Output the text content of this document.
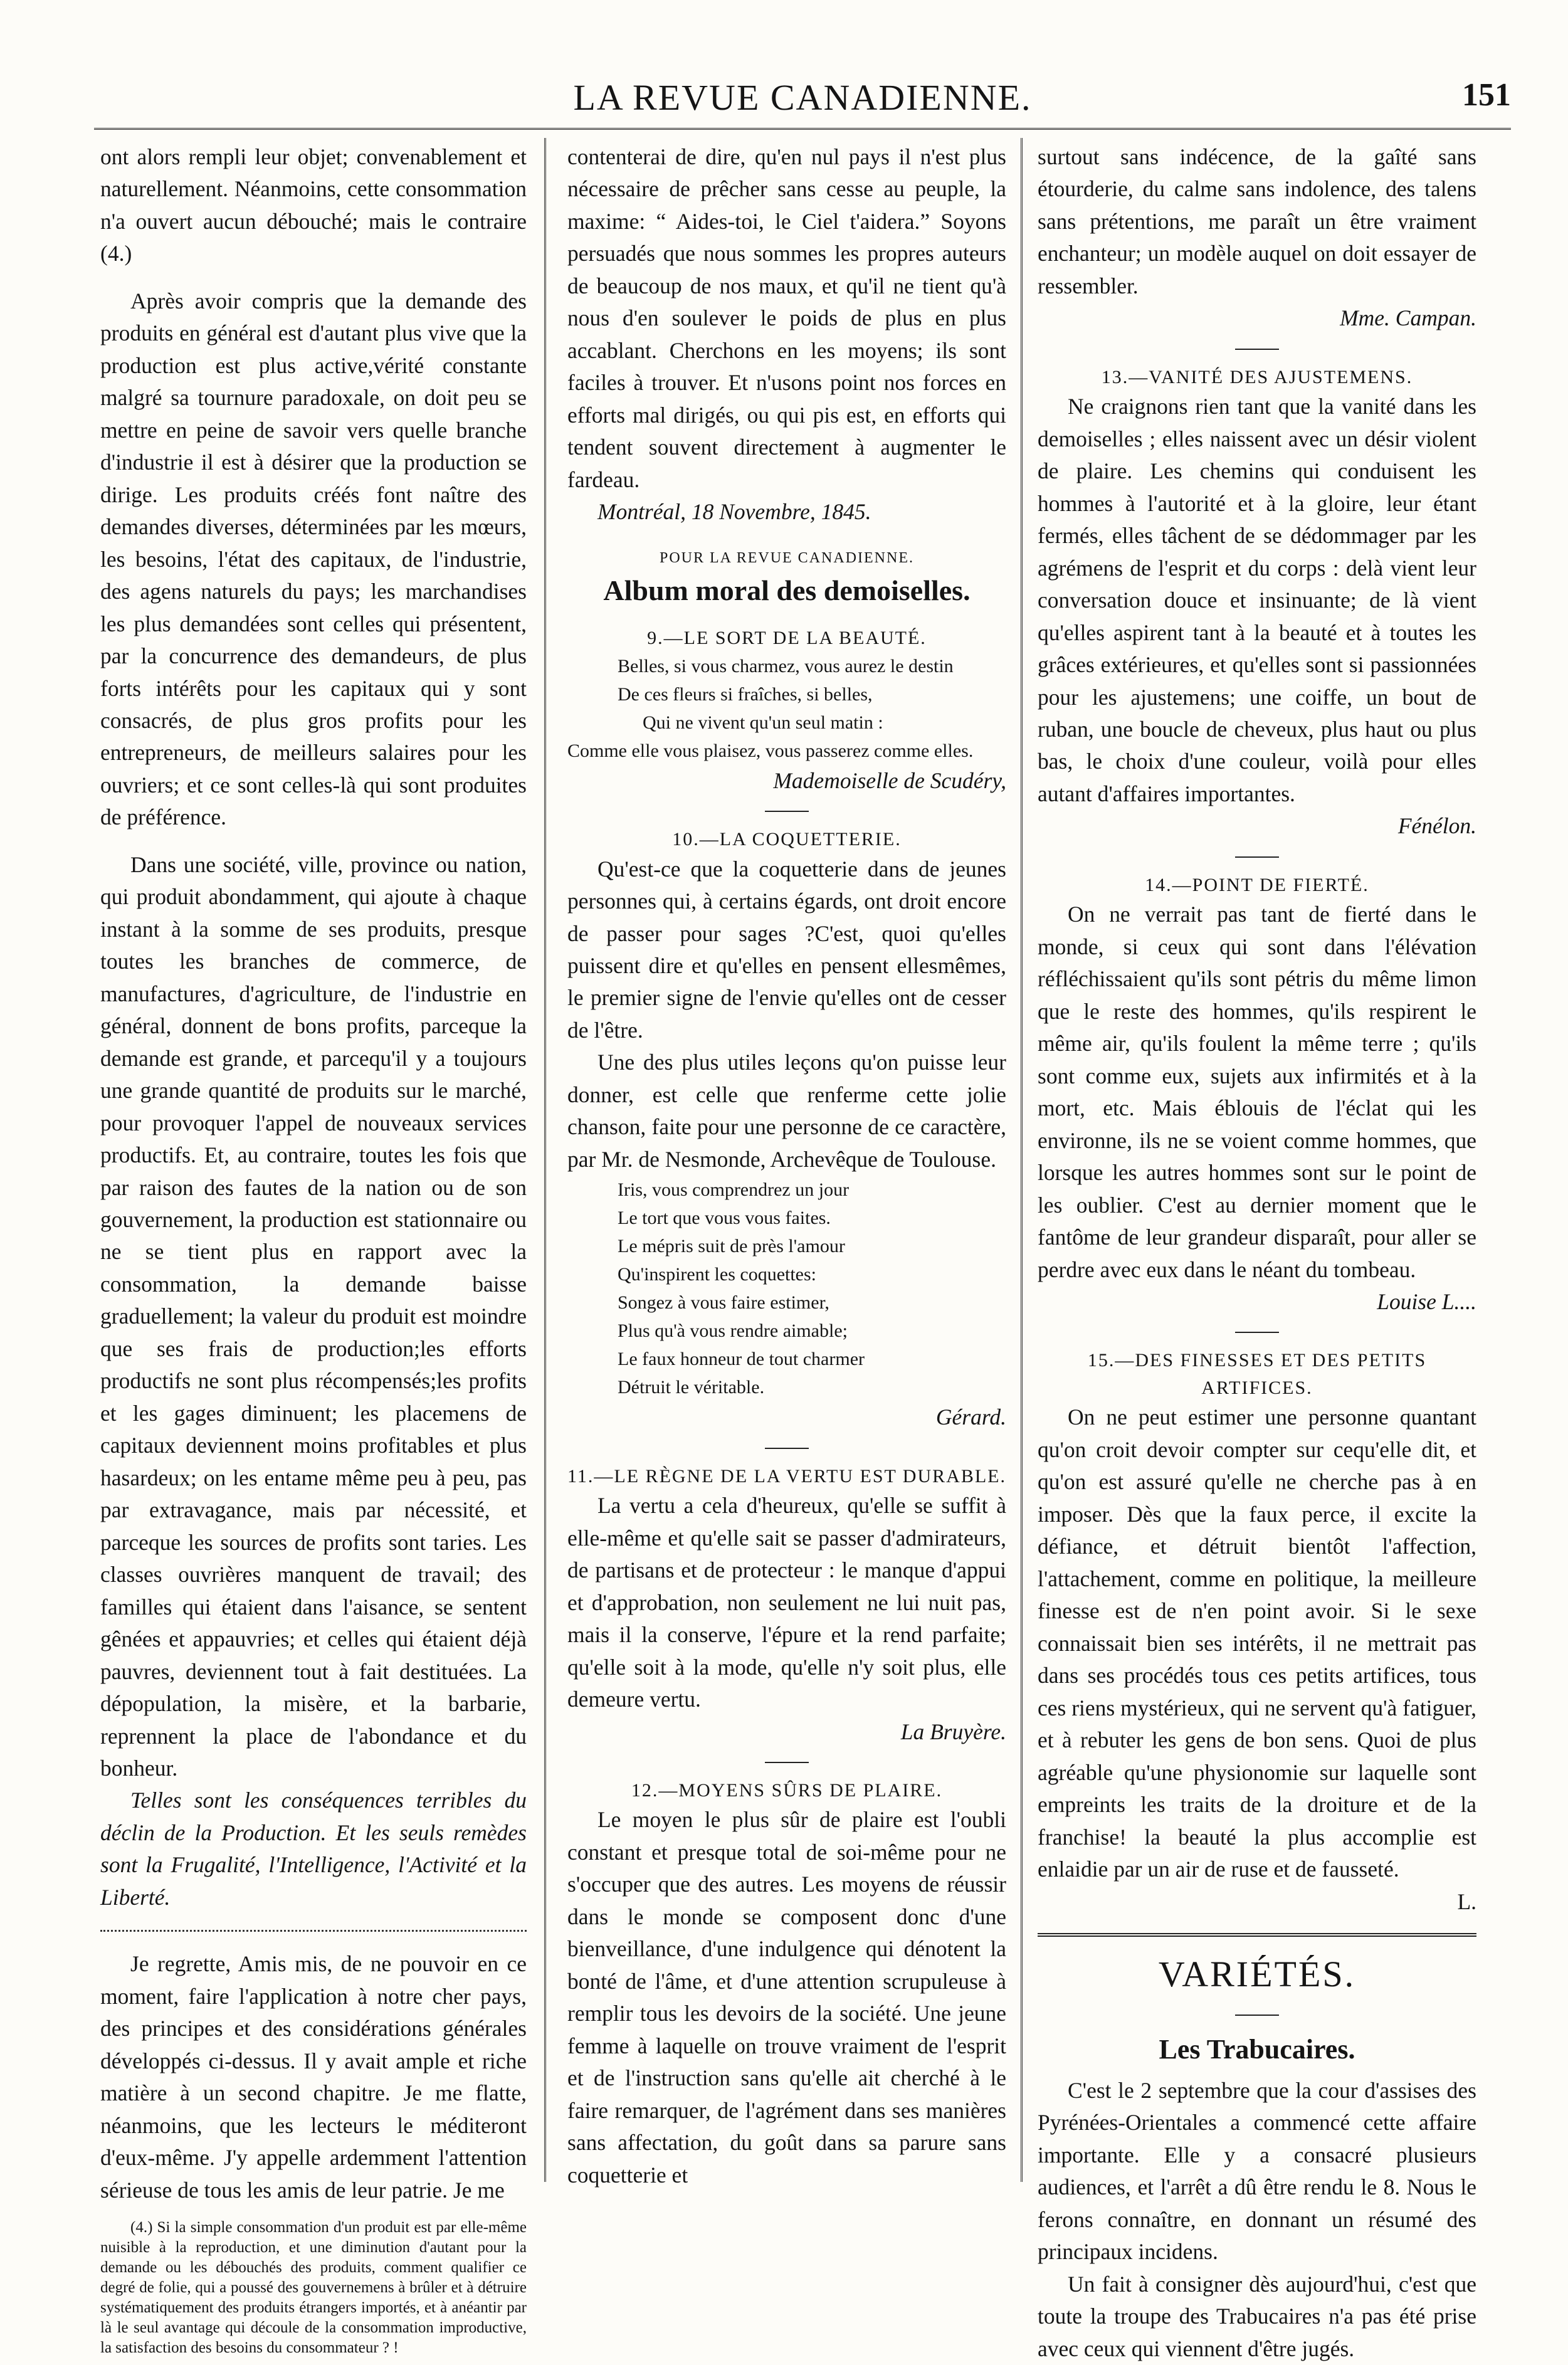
LA REVUE CANADIENNE.	151

ont alors rempli leur objet; convenablement et naturellement. Néanmoins, cette consommation n'a ouvert aucun débouché; mais le contraire (4.)

Après avoir compris que la demande des produits en général est d'autant plus vive que la production est plus active,vérité constante malgré sa tournure paradoxale, on doit peu se mettre en peine de savoir vers quelle branche d'industrie il est à désirer que la production se dirige. Les produits créés font naître des demandes diverses, déterminées par les mœurs, les besoins, l'état des capitaux, de l'industrie, des agens naturels du pays; les marchandises les plus demandées sont celles qui présentent, par la concurrence des demandeurs, de plus forts intérêts pour les capitaux qui y sont consacrés, de plus gros profits pour les entrepreneurs, de meilleurs salaires pour les ouvriers; et ce sont celles-là qui sont produites de préférence.

Dans une société, ville, province ou nation, qui produit abondamment, qui ajoute à chaque instant à la somme de ses produits, presque toutes les branches de commerce, de manufactures, d'agriculture, de l'industrie en général, donnent de bons profits, parceque la demande est grande, et parcequ'il y a toujours une grande quantité de produits sur le marché, pour provoquer l'appel de nouveaux services productifs. Et, au contraire, toutes les fois que par raison des fautes de la nation ou de son gouvernement, la production est stationnaire ou ne se tient plus en rapport avec la consommation, la demande baisse graduellement; la valeur du produit est moindre que ses frais de production;les efforts productifs ne sont plus récompensés;les profits et les gages diminuent; les placemens de capitaux deviennent moins profitables et plus hasardeux; on les entame même peu à peu, pas par extravagance, mais par nécessité, et parceque les sources de profits sont taries. Les classes ouvrières manquent de travail; des familles qui étaient dans l'aisance, se sentent gênées et appauvries; et celles qui étaient déjà pauvres, deviennent tout à fait destituées. La dépopulation, la misère, et la barbarie, reprennent la place de l'abondance et du bonheur.

Telles sont les conséquences terribles du déclin de la Production. Et les seuls remèdes sont la Frugalité, l'Intelligence, l'Activité et la Liberté.

Je regrette, Amis mis, de ne pouvoir en ce moment, faire l'application à notre cher pays, des principes et des considérations générales développés ci-dessus. Il y avait ample et riche matière à un second chapitre. Je me flatte, néanmoins, que les lecteurs le méditeront d'eux-même. J'y appelle ardemment l'attention sérieuse de tous les amis de leur patrie. Je me

(4.) Si la simple consommation d'un produit est par elle-même nuisible à la reproduction, et une diminution d'autant pour la demande ou les débouchés des produits, comment qualifier ce degré de folie, qui a poussé des gouvernemens à brûler et à détruire systématiquement des produits étrangers importés, et à anéantir par là le seul avantage qui découle de la consommation improductive, la satisfaction des besoins du consommateur ? !

contenterai de dire, qu'en nul pays il n'est plus nécessaire de prêcher sans cesse au peuple, la maxime: “ Aides-toi, le Ciel t'aidera.” Soyons persuadés que nous sommes les propres auteurs de beaucoup de nos maux, et qu'il ne tient qu'à nous d'en soulever le poids de plus en plus accablant. Cherchons en les moyens; ils sont faciles à trouver. Et n'usons point nos forces en efforts mal dirigés, ou qui pis est, en efforts qui tendent souvent directement à augmenter le fardeau.

Montréal, 18 Novembre, 1845.

POUR LA REVUE CANADIENNE.

Album moral des demoiselles.

9.—LE SORT DE LA BEAUTÉ.

Belles, si vous charmez, vous aurez le destin
De ces fleurs si fraîches, si belles,
Qui ne vivent qu'un seul matin :
Comme elle vous plaisez, vous passerez comme elles.

Mademoiselle de Scudéry,

10.—LA COQUETTERIE.

Qu'est-ce que la coquetterie dans de jeunes personnes qui, à certains égards, ont droit encore de passer pour sages ?C'est, quoi qu'elles puissent dire et qu'elles en pensent ellesmêmes, le premier signe de l'envie qu'elles ont de cesser de l'être.

Une des plus utiles leçons qu'on puisse leur donner, est celle que renferme cette jolie chanson, faite pour une personne de ce caractère, par Mr. de Nesmonde, Archevêque de Toulouse.

Iris, vous comprendrez un jour
Le tort que vous vous faites.
Le mépris suit de près l'amour
Qu'inspirent les coquettes:
Songez à vous faire estimer,
Plus qu'à vous rendre aimable;
Le faux honneur de tout charmer
Détruit le véritable.

Gérard.

11.—LE RÈGNE DE LA VERTU EST DURABLE.

La vertu a cela d'heureux, qu'elle se suffit à elle-même et qu'elle sait se passer d'admirateurs, de partisans et de protecteur : le manque d'appui et d'approbation, non seulement ne lui nuit pas, mais il la conserve, l'épure et la rend parfaite; qu'elle soit à la mode, qu'elle n'y soit plus, elle demeure vertu.

La Bruyère.

12.—MOYENS SÛRS DE PLAIRE.

Le moyen le plus sûr de plaire est l'oubli constant et presque total de soi-même pour ne s'occuper que des autres. Les moyens de réussir dans le monde se composent donc d'une bienveillance, d'une indulgence qui dénotent la bonté de l'âme, et d'une attention scrupuleuse à remplir tous les devoirs de la société. Une jeune femme à laquelle on trouve vraiment de l'esprit et de l'instruction sans qu'elle ait cherché à le faire remarquer, de l'agrément dans ses manières sans affectation, du goût dans sa parure sans coquetterie et

surtout sans indécence, de la gaîté sans étourderie, du calme sans indolence, des talens sans prétentions, me paraît un être vraiment enchanteur; un modèle auquel on doit essayer de ressembler.

Mme. Campan.

13.—VANITÉ DES AJUSTEMENS.

Ne craignons rien tant que la vanité dans les demoiselles ; elles naissent avec un désir violent de plaire. Les chemins qui conduisent les hommes à l'autorité et à la gloire, leur étant fermés, elles tâchent de se dédommager par les agrémens de l'esprit et du corps : delà vient leur conversation douce et insinuante; de là vient qu'elles aspirent tant à la beauté et à toutes les grâces extérieures, et qu'elles sont si passionnées pour les ajustemens; une coiffe, un bout de ruban, une boucle de cheveux, plus haut ou plus bas, le choix d'une couleur, voilà pour elles autant d'affaires importantes.

Fénélon.

14.—POINT DE FIERTÉ.

On ne verrait pas tant de fierté dans le monde, si ceux qui sont dans l'élévation réfléchissaient qu'ils sont pétris du même limon que le reste des hommes, qu'ils respirent le même air, qu'ils foulent la même terre ; qu'ils sont comme eux, sujets aux infirmités et à la mort, etc. Mais éblouis de l'éclat qui les environne, ils ne se voient comme hommes, que lorsque les autres hommes sont sur le point de les oublier. C'est au dernier moment que le fantôme de leur grandeur disparaît, pour aller se perdre avec eux dans le néant du tombeau.

Louise L....

15.—DES FINESSES ET DES PETITS ARTIFICES.

On ne peut estimer une personne quantant qu'on croit devoir compter sur cequ'elle dit, et qu'on est assuré qu'elle ne cherche pas à en imposer. Dès que la faux perce, il excite la défiance, et détruit bientôt l'affection, l'attachement, comme en politique, la meilleure finesse est de n'en point avoir. Si le sexe connaissait bien ses intérêts, il ne mettrait pas dans ses procédés tous ces petits artifices, tous ces riens mystérieux, qui ne servent qu'à fatiguer, et à rebuter les gens de bon sens. Quoi de plus agréable qu'une physionomie sur laquelle sont empreints les traits de la droiture et de la franchise! la beauté la plus accomplie est enlaidie par un air de ruse et de fausseté.

L.

VARIÉTÉS.

Les Trabucaires.

C'est le 2 septembre que la cour d'assises des Pyrénées-Orientales a commencé cette affaire importante. Elle y a consacré plusieurs audiences, et l'arrêt a dû être rendu le 8. Nous le ferons connaître, en donnant un résumé des principaux incidens.

Un fait à consigner dès aujourd'hui, c'est que toute la troupe des Trabucaires n'a pas été prise avec ceux qui viennent d'être jugés.
